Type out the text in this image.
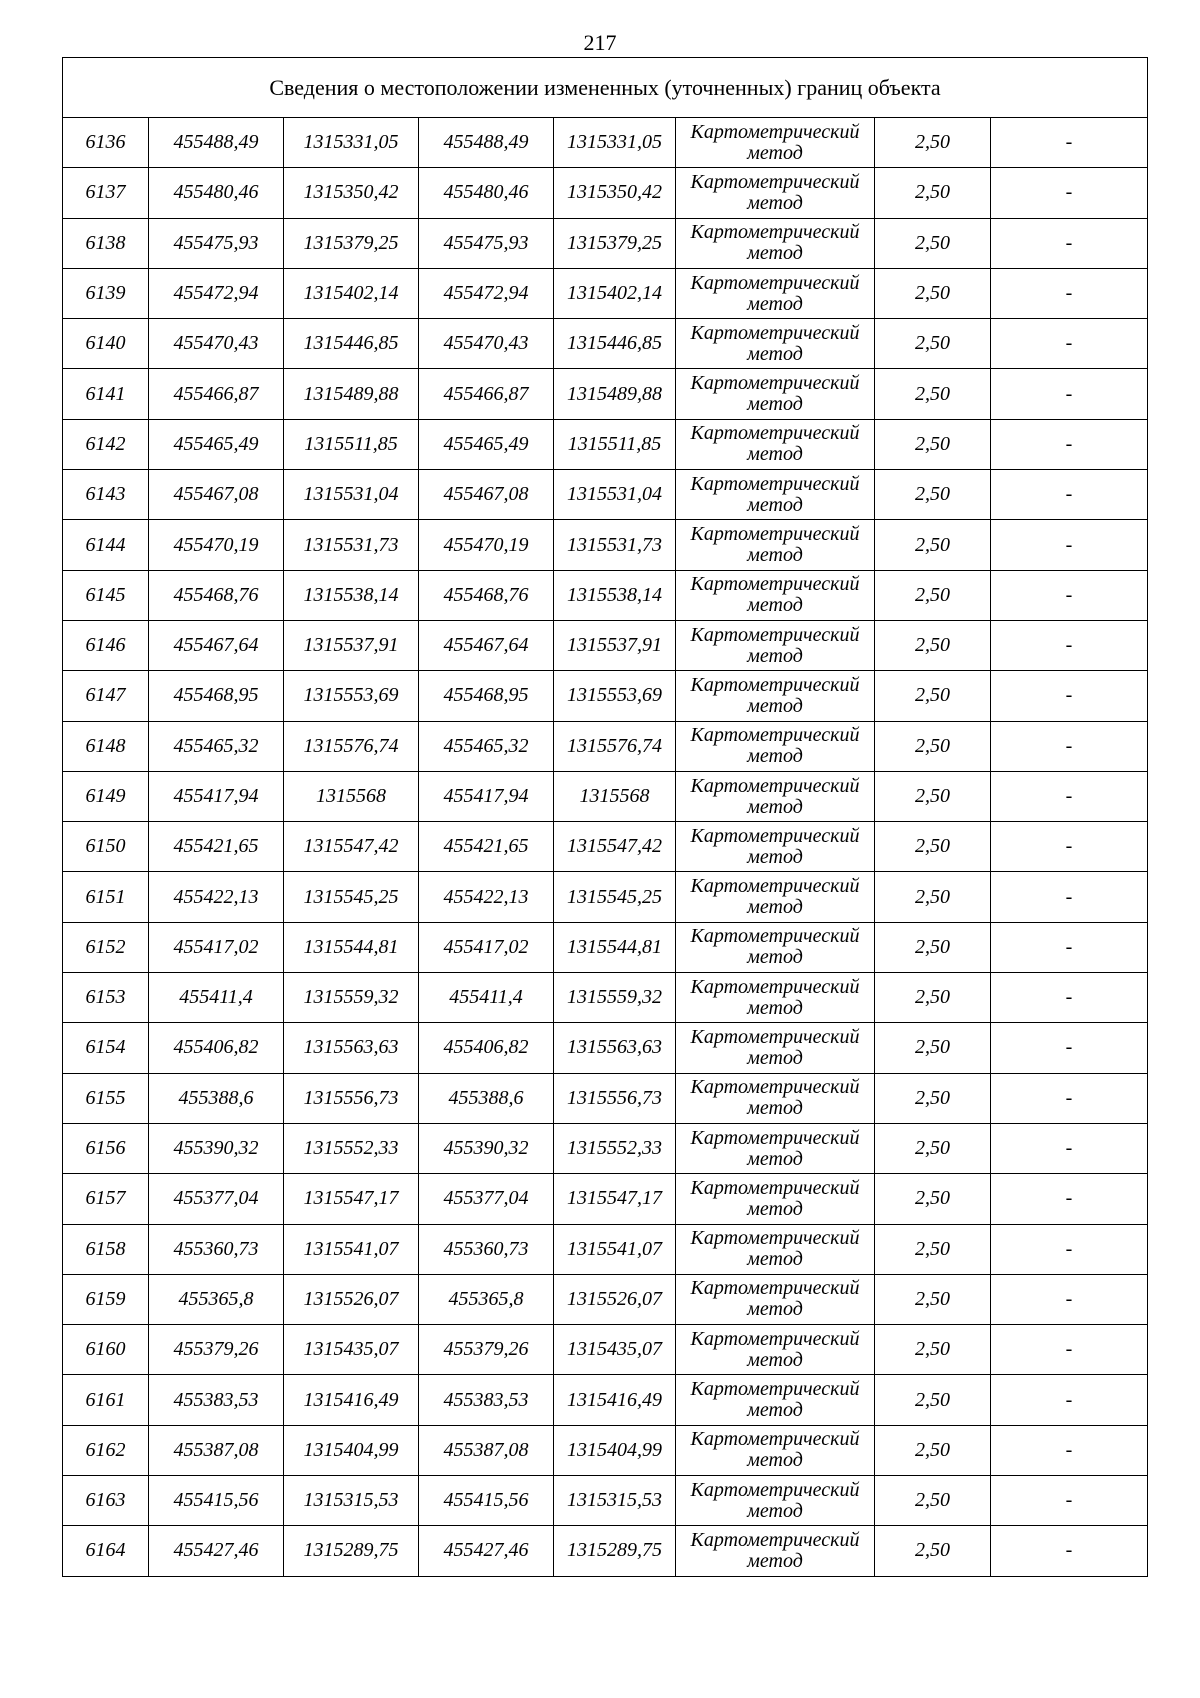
217
Сведения о местоположении измененных (уточненных) границ объекта							
6136	455488,49	1315331,05	455488,49	1315331,05	Картометрический метод	2,50	-
6137	455480,46	1315350,42	455480,46	1315350,42	Картометрический метод	2,50	-
6138	455475,93	1315379,25	455475,93	1315379,25	Картометрический метод	2,50	-
6139	455472,94	1315402,14	455472,94	1315402,14	Картометрический метод	2,50	-
6140	455470,43	1315446,85	455470,43	1315446,85	Картометрический метод	2,50	-
6141	455466,87	1315489,88	455466,87	1315489,88	Картометрический метод	2,50	-
6142	455465,49	1315511,85	455465,49	1315511,85	Картометрический метод	2,50	-
6143	455467,08	1315531,04	455467,08	1315531,04	Картометрический метод	2,50	-
6144	455470,19	1315531,73	455470,19	1315531,73	Картометрический метод	2,50	-
6145	455468,76	1315538,14	455468,76	1315538,14	Картометрический метод	2,50	-
6146	455467,64	1315537,91	455467,64	1315537,91	Картометрический метод	2,50	-
6147	455468,95	1315553,69	455468,95	1315553,69	Картометрический метод	2,50	-
6148	455465,32	1315576,74	455465,32	1315576,74	Картометрический метод	2,50	-
6149	455417,94	1315568	455417,94	1315568	Картометрический метод	2,50	-
6150	455421,65	1315547,42	455421,65	1315547,42	Картометрический метод	2,50	-
6151	455422,13	1315545,25	455422,13	1315545,25	Картометрический метод	2,50	-
6152	455417,02	1315544,81	455417,02	1315544,81	Картометрический метод	2,50	-
6153	455411,4	1315559,32	455411,4	1315559,32	Картометрический метод	2,50	-
6154	455406,82	1315563,63	455406,82	1315563,63	Картометрический метод	2,50	-
6155	455388,6	1315556,73	455388,6	1315556,73	Картометрический метод	2,50	-
6156	455390,32	1315552,33	455390,32	1315552,33	Картометрический метод	2,50	-
6157	455377,04	1315547,17	455377,04	1315547,17	Картометрический метод	2,50	-
6158	455360,73	1315541,07	455360,73	1315541,07	Картометрический метод	2,50	-
6159	455365,8	1315526,07	455365,8	1315526,07	Картометрический метод	2,50	-
6160	455379,26	1315435,07	455379,26	1315435,07	Картометрический метод	2,50	-
6161	455383,53	1315416,49	455383,53	1315416,49	Картометрический метод	2,50	-
6162	455387,08	1315404,99	455387,08	1315404,99	Картометрический метод	2,50	-
6163	455415,56	1315315,53	455415,56	1315315,53	Картометрический метод	2,50	-
6164	455427,46	1315289,75	455427,46	1315289,75	Картометрический метод	2,50	-
